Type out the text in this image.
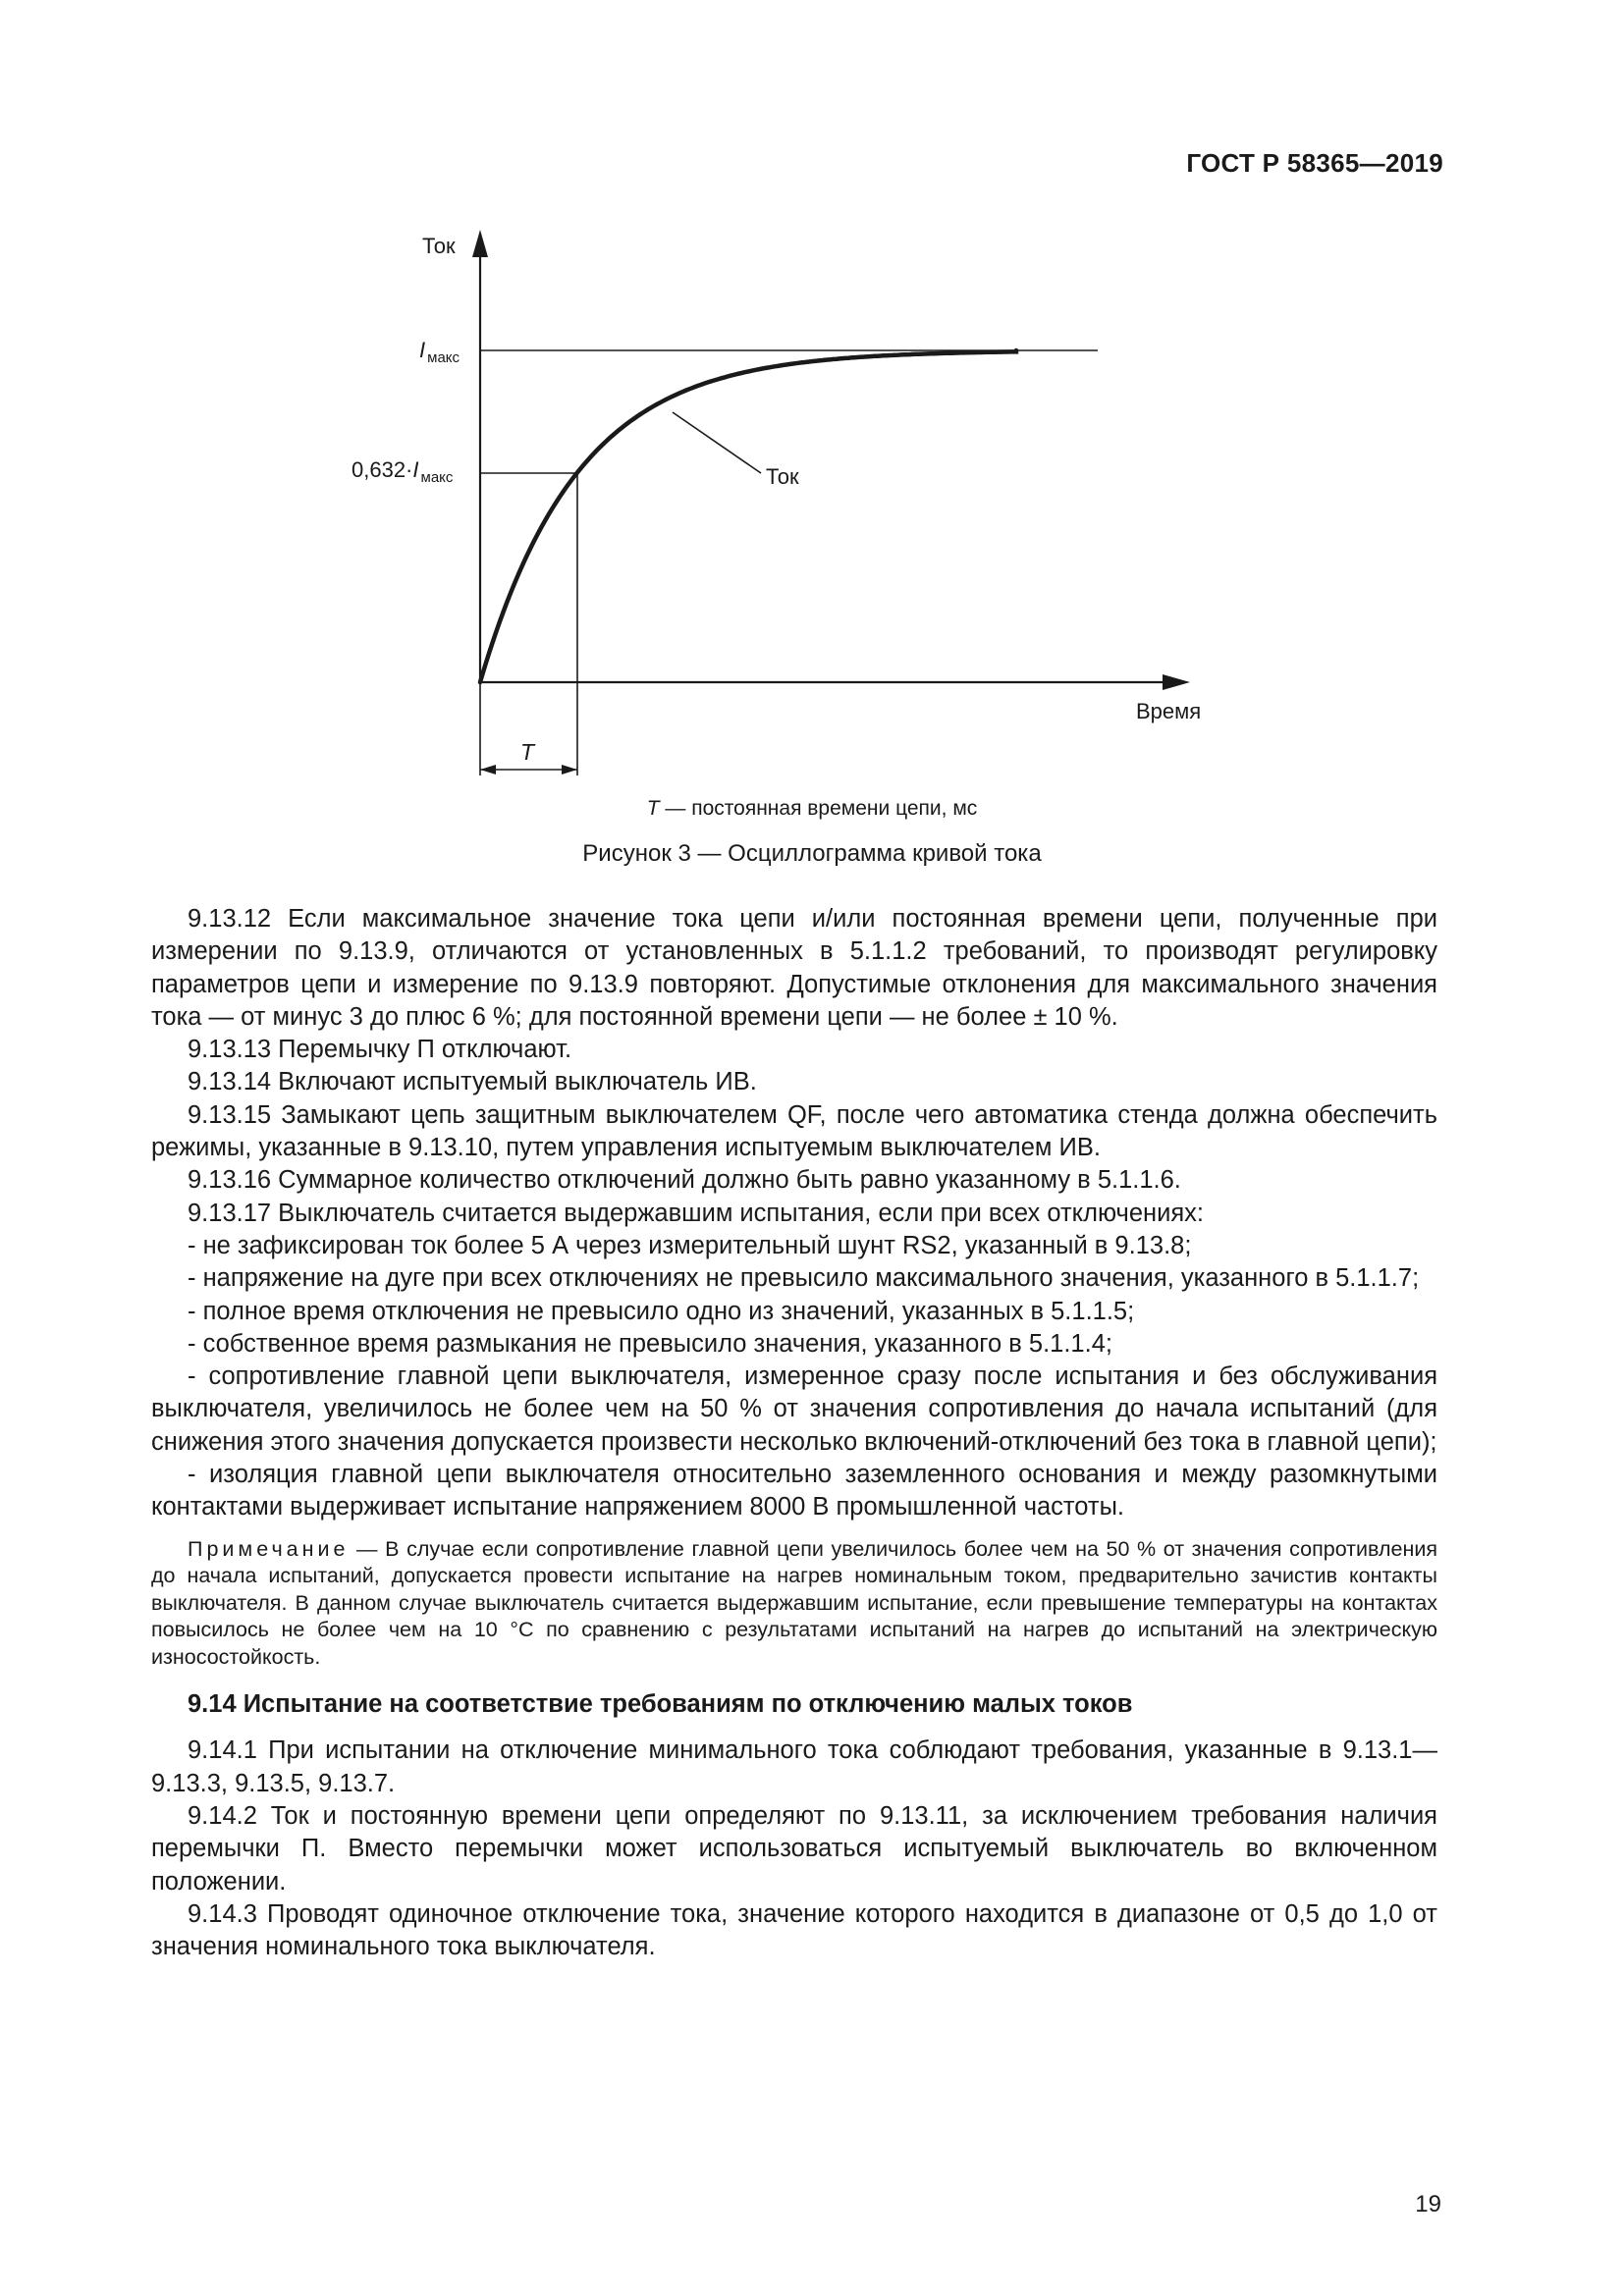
ГОСТ Р 58365—2019
Ток
Время
I $_{макс}$
0,632·I $_{макс}$	Ток
T
T — постоянная времени цепи, мс
Рисунок 3 — Осциллограмма кривой тока

9.13.12 Если максимальное значение тока цепи и/или постоянная времени цепи, полученные при измерении по 9.13.9, отличаются от установленных в 5.1.1.2 требований, то производят регулировку параметров цепи и измерение по 9.13.9 повторяют. Допустимые отклонения для максимального значения тока — от минус 3 до плюс 6 %; для постоянной времени цепи — не более ± 10 %.

9.13.13 Перемычку П отключают.

9.13.14 Включают испытуемый выключатель ИВ.

9.13.15 Замыкают цепь защитным выключателем QF, после чего автоматика стенда должна обеспечить режимы, указанные в 9.13.10, путем управления испытуемым выключателем ИВ.

9.13.16 Суммарное количество отключений должно быть равно указанному в 5.1.1.6.

9.13.17 Выключатель считается выдержавшим испытания, если при всех отключениях:

- не зафиксирован ток более 5 А через измерительный шунт RS2, указанный в 9.13.8;

- напряжение на дуге при всех отключениях не превысило максимального значения, указанного в 5.1.1.7;

- полное время отключения не превысило одно из значений, указанных в 5.1.1.5;

- собственное время размыкания не превысило значения, указанного в 5.1.1.4;

- сопротивление главной цепи выключателя, измеренное сразу после испытания и без обслуживания выключателя, увеличилось не более чем на 50 % от значения сопротивления до начала испытаний (для снижения этого значения допускается произвести несколько включений-отключений без тока в главной цепи);

- изоляция главной цепи выключателя относительно заземленного основания и между разомкнутыми контактами выдерживает испытание напряжением 8000 В промышленной частоты.

Примечание — В случае если сопротивление главной цепи увеличилось более чем на 50 % от значения сопротивления до начала испытаний, допускается провести испытание на нагрев номинальным током, предварительно зачистив контакты выключателя. В данном случае выключатель считается выдержавшим испытание, если превышение температуры на контактах повысилось не более чем на 10 °С по сравнению с результатами испытаний на нагрев до испытаний на электрическую износостойкость.

9.14 Испытание на соответствие требованиям по отключению малых токов

9.14.1 При испытании на отключение минимального тока соблюдают требования, указанные в 9.13.1—9.13.3, 9.13.5, 9.13.7.

9.14.2 Ток и постоянную времени цепи определяют по 9.13.11, за исключением требования наличия перемычки П. Вместо перемычки может использоваться испытуемый выключатель во включенном положении.

9.14.3 Проводят одиночное отключение тока, значение которого находится в диапазоне от 0,5 до 1,0 от значения номинального тока выключателя.

19
